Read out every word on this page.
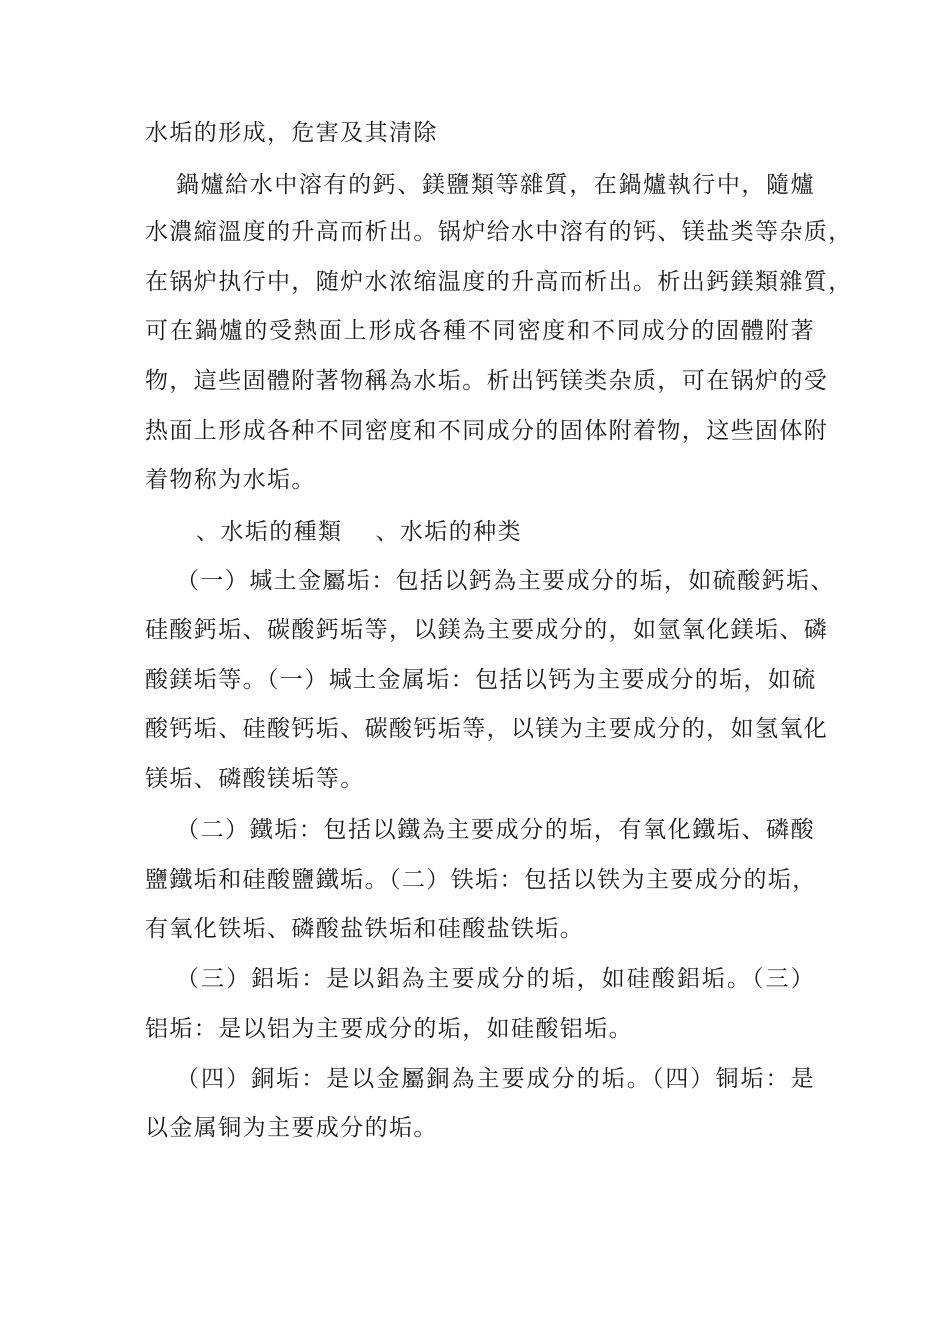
水垢的形成，危害及其清除
鍋爐給水中溶有的鈣、鎂鹽類等雜質，在鍋爐執行中，隨爐
水濃縮溫度的升高而析出。锅炉给水中溶有的钙、镁盐类等杂质，
在锅炉执行中，随炉水浓缩温度的升高而析出。析出鈣鎂類雜質，
可在鍋爐的受熱面上形成各種不同密度和不同成分的固體附著
物，這些固體附著物稱為水垢。析出钙镁类杂质，可在锅炉的受
热面上形成各种不同密度和不同成分的固体附着物，这些固体附
着物称为水垢。
、水垢的種類　 、水垢的种类
（一）堿土金屬垢：包括以鈣為主要成分的垢，如硫酸鈣垢、
硅酸鈣垢、碳酸鈣垢等，以鎂為主要成分的，如氫氧化鎂垢、磷
酸鎂垢等。（一）堿土金属垢：包括以钙为主要成分的垢，如硫
酸钙垢、硅酸钙垢、碳酸钙垢等，以镁为主要成分的，如氢氧化
镁垢、磷酸镁垢等。
（二）鐵垢：包括以鐵為主要成分的垢，有氧化鐵垢、磷酸
鹽鐵垢和硅酸鹽鐵垢。（二）铁垢：包括以铁为主要成分的垢，
有氧化铁垢、磷酸盐铁垢和硅酸盐铁垢。
（三）鋁垢：是以鋁為主要成分的垢，如硅酸鋁垢。（三）
铝垢：是以铝为主要成分的垢，如硅酸铝垢。
（四）銅垢：是以金屬銅為主要成分的垢。（四）铜垢：是
以金属铜为主要成分的垢。
